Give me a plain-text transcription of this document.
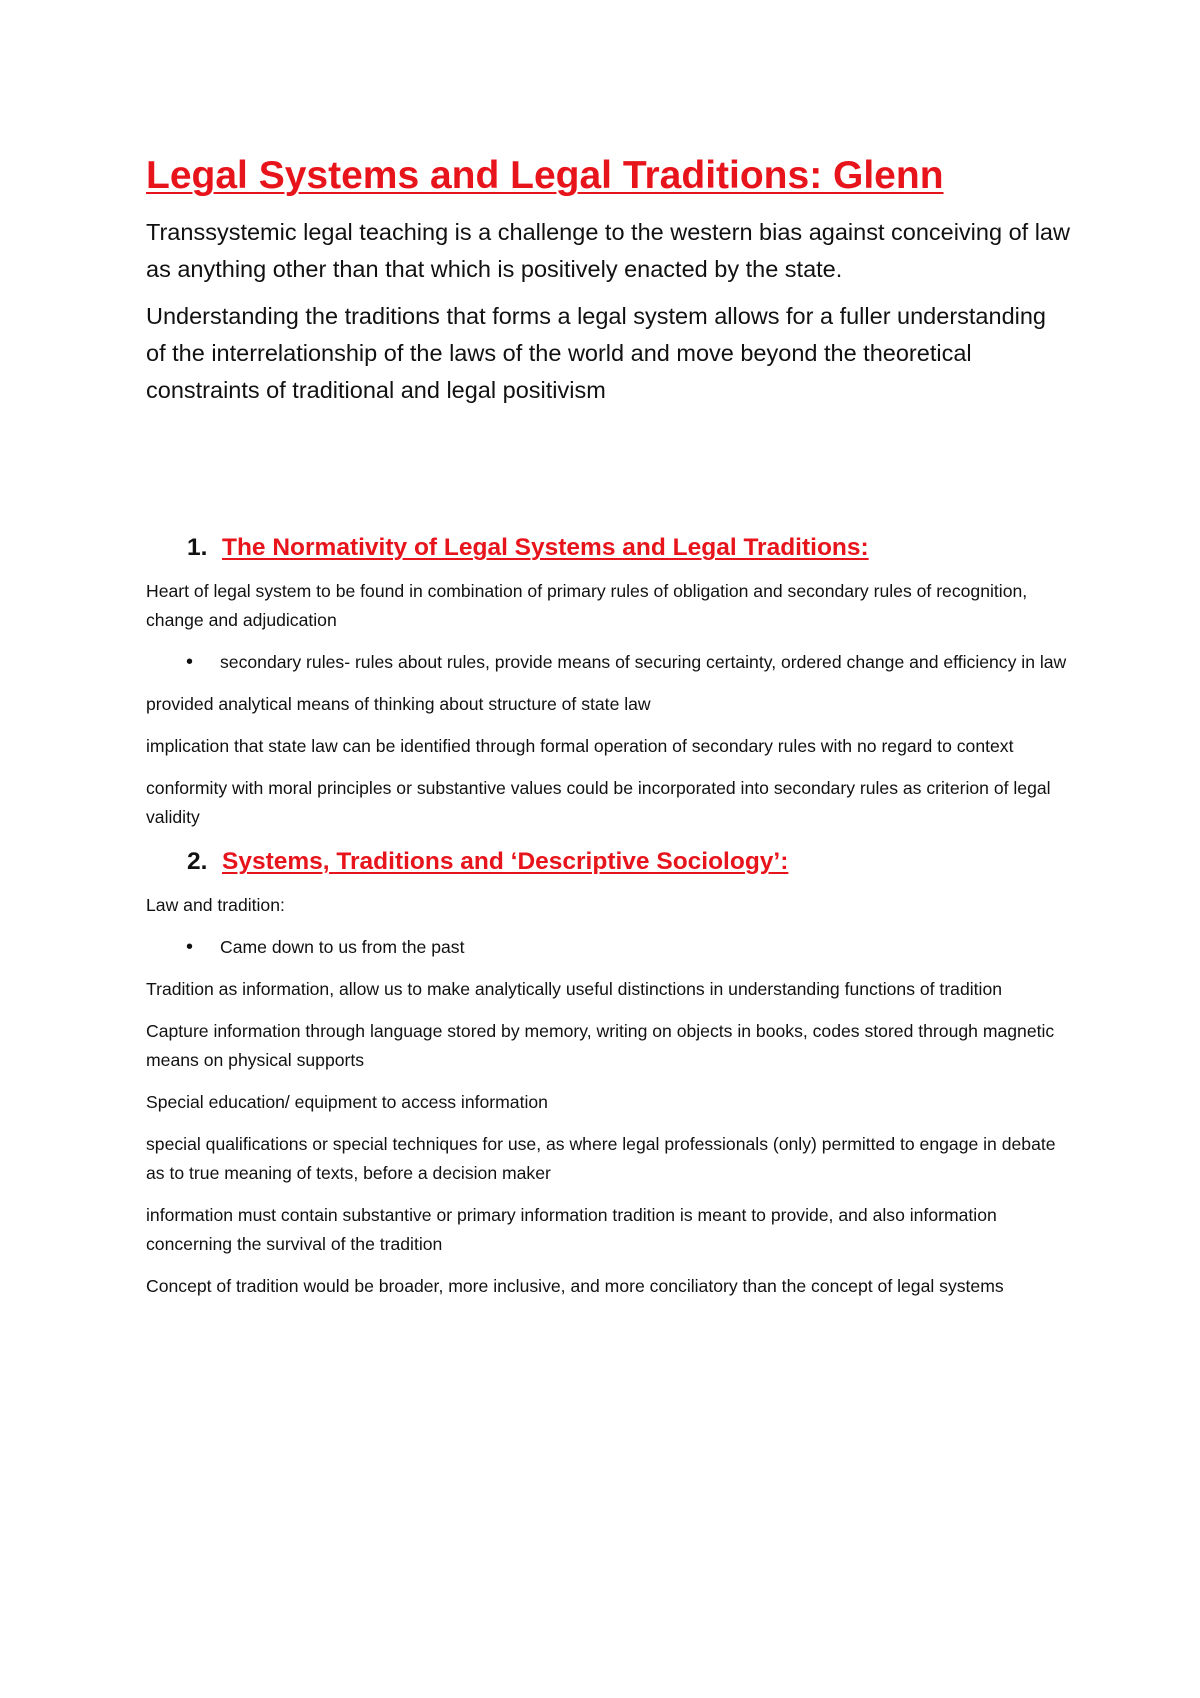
Legal Systems and Legal Traditions: Glenn

Transsystemic legal teaching is a challenge to the western bias against conceiving of law as anything other than that which is positively enacted by the state.

Understanding the traditions that forms a legal system allows for a fuller understanding of the interrelationship of the laws of the world and move beyond the theoretical constraints of traditional and legal positivism

1. The Normativity of Legal Systems and Legal Traditions:

Heart of legal system to be found in combination of primary rules of obligation and secondary rules of recognition, change and adjudication

•	secondary rules- rules about rules, provide means of securing certainty, ordered change and efficiency in law

provided analytical means of thinking about structure of state law

implication that state law can be identified through formal operation of secondary rules with no regard to context

conformity with moral principles or substantive values could be incorporated into secondary rules as criterion of legal validity

2. Systems, Traditions and ‘Descriptive Sociology’:

Law and tradition:

•	Came down to us from the past

Tradition as information, allow us to make analytically useful distinctions in understanding functions of tradition

Capture information through language stored by memory, writing on objects in books, codes stored through magnetic means on physical supports

Special education/ equipment to access information

special qualifications or special techniques for use, as where legal professionals (only) permitted to engage in debate as to true meaning of texts, before a decision maker

information must contain substantive or primary information tradition is meant to provide, and also information concerning the survival of the tradition

Concept of tradition would be broader, more inclusive, and more conciliatory than the concept of legal systems
